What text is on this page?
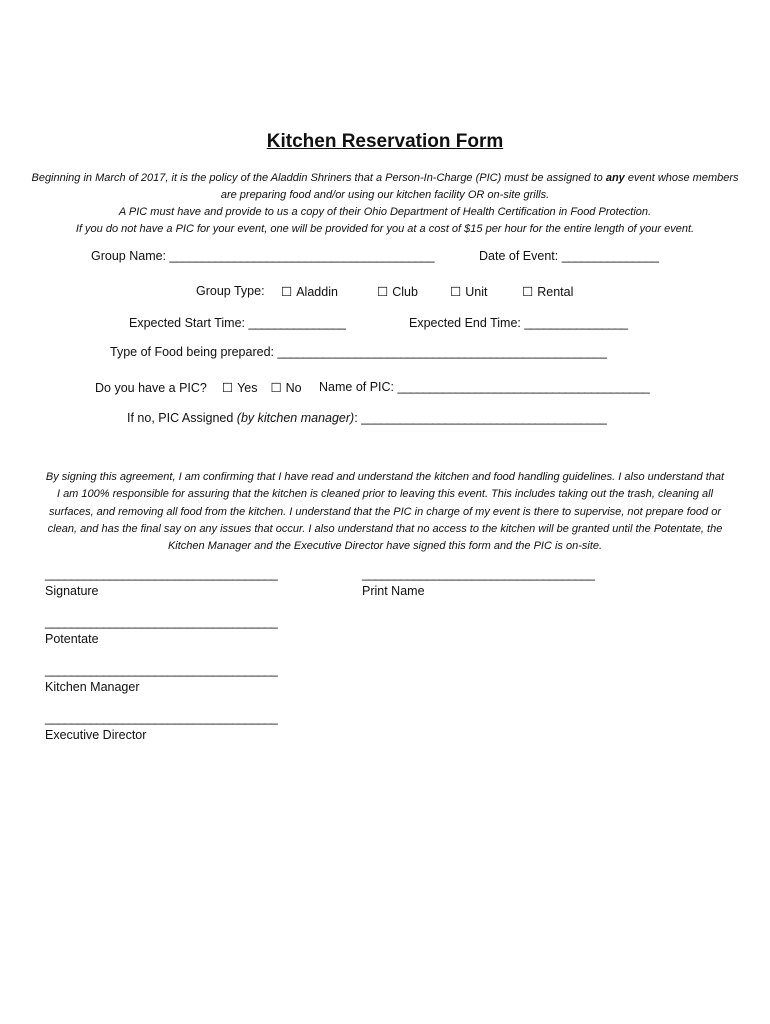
Kitchen Reservation Form
Beginning in March of 2017, it is the policy of the Aladdin Shriners that a Person-In-Charge (PIC) must be assigned to any event whose members are preparing food and/or using our kitchen facility OR on-site grills.
A PIC must have and provide to us a copy of their Ohio Department of Health Certification in Food Protection.
If you do not have a PIC for your event, one will be provided for you at a cost of $15 per hour for the entire length of your event.
Group Name: _________________________________________	Date of Event: _______________
Group Type: ☐ Aladdin	☐ Club	☐ Unit	☐ Rental
Expected Start Time: _______________	Expected End Time: ________________
Type of Food being prepared: ___________________________________________________
Do you have a PIC? ☐ Yes ☐ No Name of PIC: _______________________________________
If no, PIC Assigned (by kitchen manager): ______________________________________
By signing this agreement, I am confirming that I have read and understand the kitchen and food handling guidelines. I also understand that I am 100% responsible for assuring that the kitchen is cleaned prior to leaving this event. This includes taking out the trash, cleaning all surfaces, and removing all food from the kitchen. I understand that the PIC in charge of my event is there to supervise, not prepare food or clean, and has the final say on any issues that occur. I also understand that no access to the kitchen will be granted until the Potentate, the Kitchen Manager and the Executive Director have signed this form and the PIC is on-site.
____________________________________
Signature
____________________________________
Print Name
____________________________________
Potentate
____________________________________
Kitchen Manager
____________________________________
Executive Director
